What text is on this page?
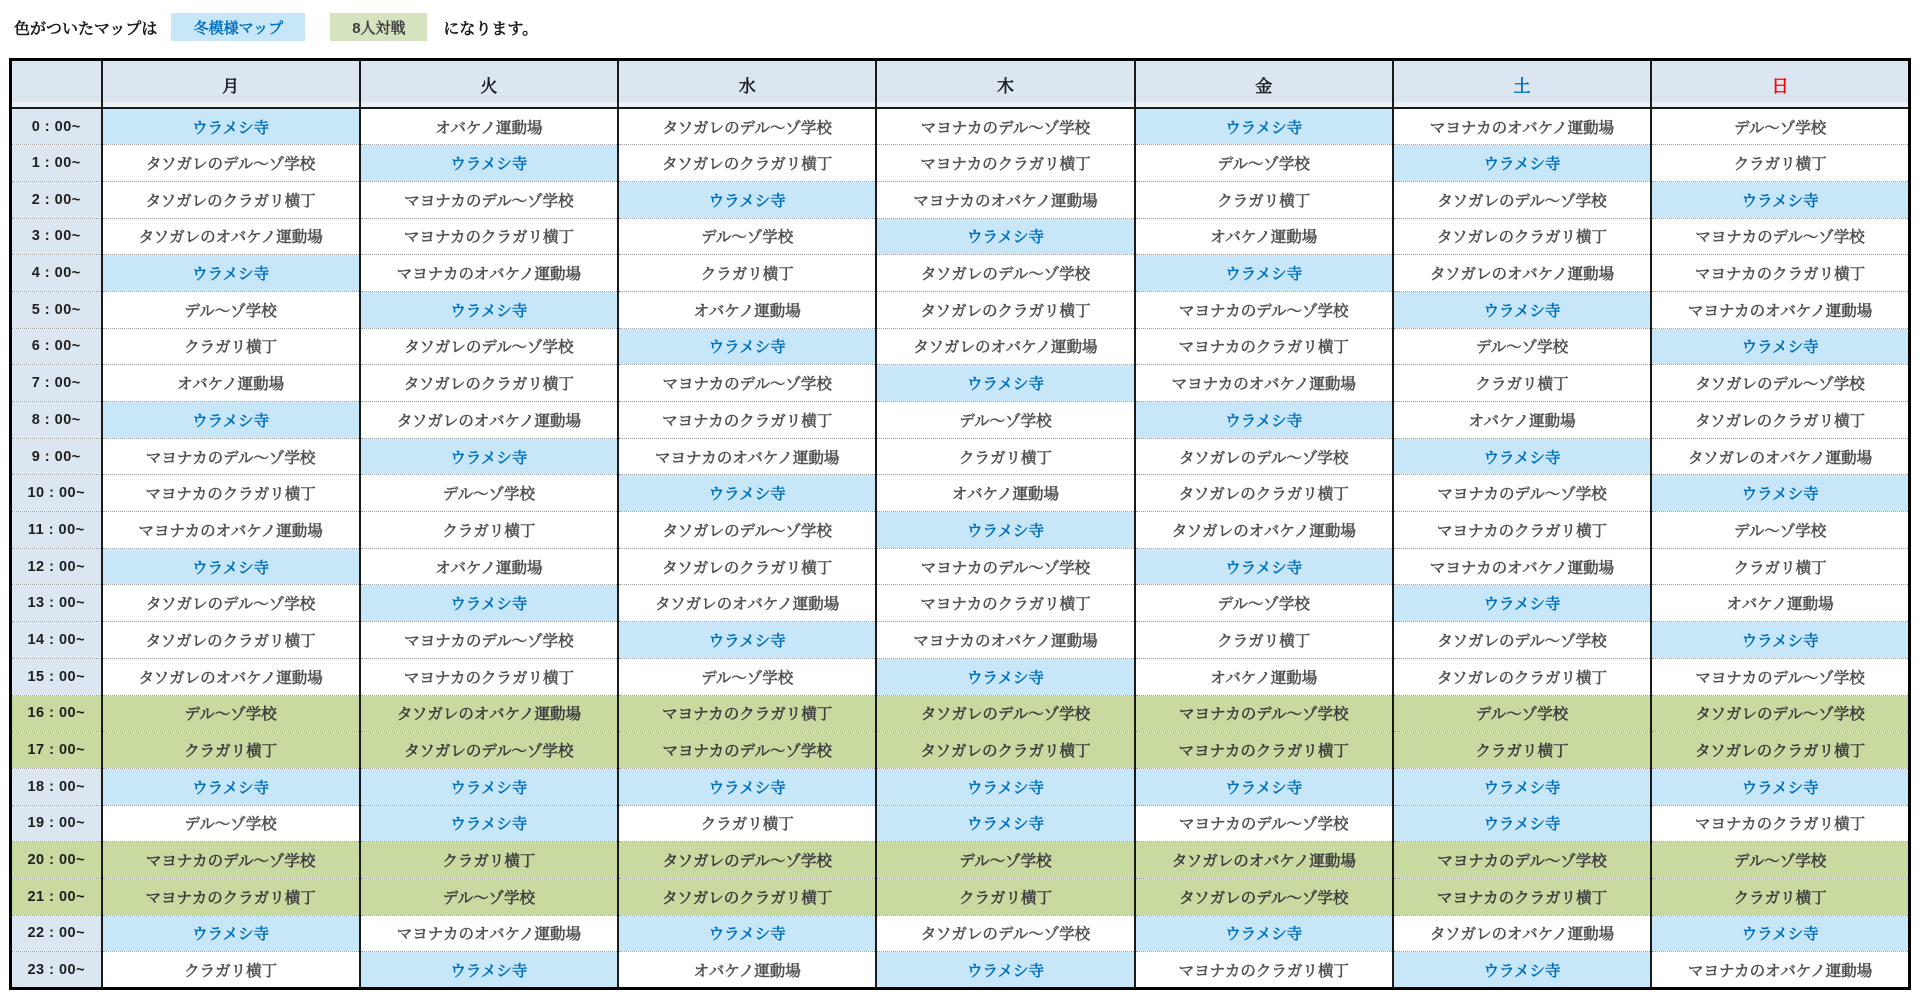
色がついたマップは	冬模様マップ	8人対戦	になります。
	月	火	水	木	金	土	日
0 : 00~	ウラメシ寺	オバケノ運動場	タソガレのデル～ゾ学校	マヨナカのデル～ゾ学校	ウラメシ寺	マヨナカのオバケノ運動場	デル～ゾ学校
1 : 00~	タソガレのデル～ゾ学校	ウラメシ寺	タソガレのクラガリ横丁	マヨナカのクラガリ横丁	デル～ゾ学校	ウラメシ寺	クラガリ横丁
2 : 00~	タソガレのクラガリ横丁	マヨナカのデル～ゾ学校	ウラメシ寺	マヨナカのオバケノ運動場	クラガリ横丁	タソガレのデル～ゾ学校	ウラメシ寺
3 : 00~	タソガレのオバケノ運動場	マヨナカのクラガリ横丁	デル～ゾ学校	ウラメシ寺	オバケノ運動場	タソガレのクラガリ横丁	マヨナカのデル～ゾ学校
4 : 00~	ウラメシ寺	マヨナカのオバケノ運動場	クラガリ横丁	タソガレのデル～ゾ学校	ウラメシ寺	タソガレのオバケノ運動場	マヨナカのクラガリ横丁
5 : 00~	デル～ゾ学校	ウラメシ寺	オバケノ運動場	タソガレのクラガリ横丁	マヨナカのデル～ゾ学校	ウラメシ寺	マヨナカのオバケノ運動場
6 : 00~	クラガリ横丁	タソガレのデル～ゾ学校	ウラメシ寺	タソガレのオバケノ運動場	マヨナカのクラガリ横丁	デル～ゾ学校	ウラメシ寺
7 : 00~	オバケノ運動場	タソガレのクラガリ横丁	マヨナカのデル～ゾ学校	ウラメシ寺	マヨナカのオバケノ運動場	クラガリ横丁	タソガレのデル～ゾ学校
8 : 00~	ウラメシ寺	タソガレのオバケノ運動場	マヨナカのクラガリ横丁	デル～ゾ学校	ウラメシ寺	オバケノ運動場	タソガレのクラガリ横丁
9 : 00~	マヨナカのデル～ゾ学校	ウラメシ寺	マヨナカのオバケノ運動場	クラガリ横丁	タソガレのデル～ゾ学校	ウラメシ寺	タソガレのオバケノ運動場
10 : 00~	マヨナカのクラガリ横丁	デル～ゾ学校	ウラメシ寺	オバケノ運動場	タソガレのクラガリ横丁	マヨナカのデル～ゾ学校	ウラメシ寺
11 : 00~	マヨナカのオバケノ運動場	クラガリ横丁	タソガレのデル～ゾ学校	ウラメシ寺	タソガレのオバケノ運動場	マヨナカのクラガリ横丁	デル～ゾ学校
12 : 00~	ウラメシ寺	オバケノ運動場	タソガレのクラガリ横丁	マヨナカのデル～ゾ学校	ウラメシ寺	マヨナカのオバケノ運動場	クラガリ横丁
13 : 00~	タソガレのデル～ゾ学校	ウラメシ寺	タソガレのオバケノ運動場	マヨナカのクラガリ横丁	デル～ゾ学校	ウラメシ寺	オバケノ運動場
14 : 00~	タソガレのクラガリ横丁	マヨナカのデル～ゾ学校	ウラメシ寺	マヨナカのオバケノ運動場	クラガリ横丁	タソガレのデル～ゾ学校	ウラメシ寺
15 : 00~	タソガレのオバケノ運動場	マヨナカのクラガリ横丁	デル～ゾ学校	ウラメシ寺	オバケノ運動場	タソガレのクラガリ横丁	マヨナカのデル～ゾ学校
16 : 00~	デル～ゾ学校	タソガレのオバケノ運動場	マヨナカのクラガリ横丁	タソガレのデル～ゾ学校	マヨナカのデル～ゾ学校	デル～ゾ学校	タソガレのデル～ゾ学校
17 : 00~	クラガリ横丁	タソガレのデル～ゾ学校	マヨナカのデル～ゾ学校	タソガレのクラガリ横丁	マヨナカのクラガリ横丁	クラガリ横丁	タソガレのクラガリ横丁
18 : 00~	ウラメシ寺	ウラメシ寺	ウラメシ寺	ウラメシ寺	ウラメシ寺	ウラメシ寺	ウラメシ寺
19 : 00~	デル～ゾ学校	ウラメシ寺	クラガリ横丁	ウラメシ寺	マヨナカのデル～ゾ学校	ウラメシ寺	マヨナカのクラガリ横丁
20 : 00~	マヨナカのデル～ゾ学校	クラガリ横丁	タソガレのデル～ゾ学校	デル～ゾ学校	タソガレのオバケノ運動場	マヨナカのデル～ゾ学校	デル～ゾ学校
21 : 00~	マヨナカのクラガリ横丁	デル～ゾ学校	タソガレのクラガリ横丁	クラガリ横丁	タソガレのデル～ゾ学校	マヨナカのクラガリ横丁	クラガリ横丁
22 : 00~	ウラメシ寺	マヨナカのオバケノ運動場	ウラメシ寺	タソガレのデル～ゾ学校	ウラメシ寺	タソガレのオバケノ運動場	ウラメシ寺
23 : 00~	クラガリ横丁	ウラメシ寺	オバケノ運動場	ウラメシ寺	マヨナカのクラガリ横丁	ウラメシ寺	マヨナカのオバケノ運動場
